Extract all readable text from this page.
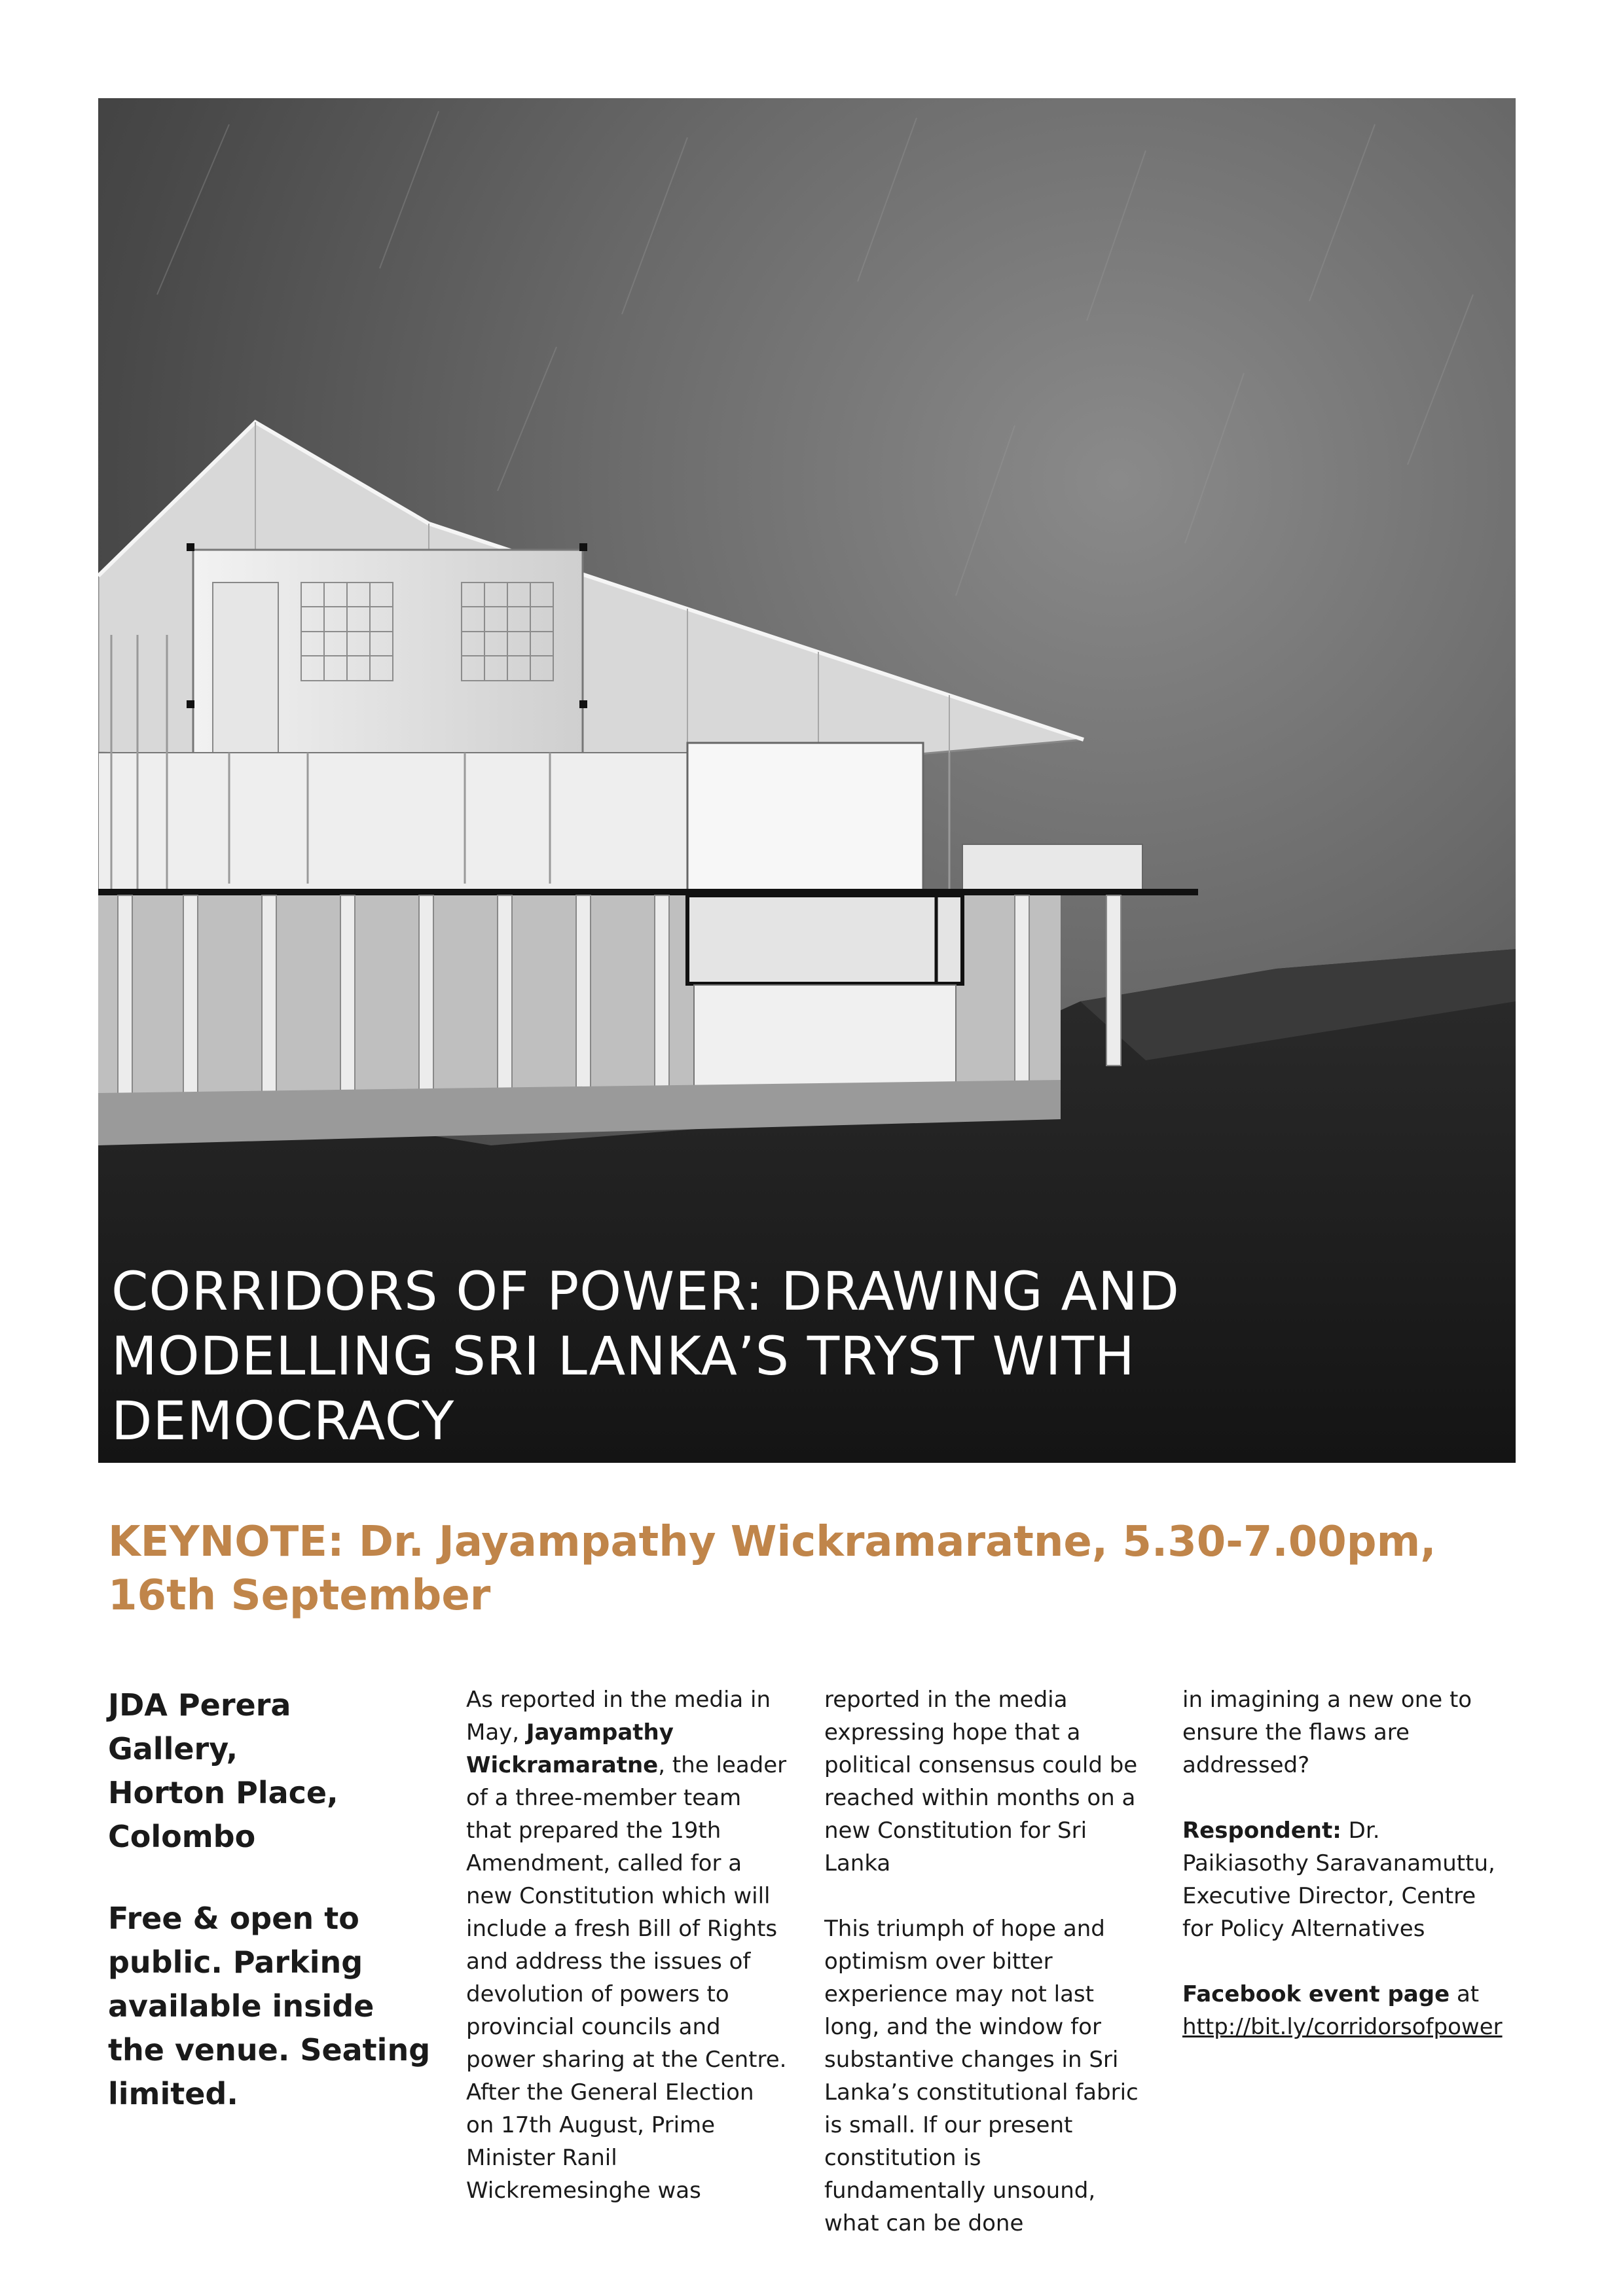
CORRIDORS OF POWER: DRAWING AND
MODELLING SRI LANKA’S TRYST WITH
DEMOCRACY
KEYNOTE: Dr. Jayampathy Wickramaratne, 5.30-7.00pm, 16th September
JDA Perera Gallery,
Horton Place,
Colombo
Free & open to public. Parking available inside the venue. Seating limited.

As reported in the media in May, Jayampathy Wickramaratne, the leader of a three-member team that prepared the 19th Amendment, called for a new Constitution which will include a fresh Bill of Rights and address the issues of devolution of powers to provincial councils and power sharing at the Centre. After the General Election on 17th August, Prime Minister Ranil Wickremesinghe was

reported in the media expressing hope that a political consensus could be reached within months on a new Constitution for Sri Lanka

This triumph of hope and optimism over bitter experience may not last long, and the window for substantive changes in Sri Lanka’s constitutional fabric is small. If our present constitution is fundamentally unsound, what can be done

in imagining a new one to ensure the flaws are addressed?

Respondent: Dr. Paikiasothy Saravanamuttu, Executive Director, Centre for Policy Alternatives

Facebook event page at
http://bit.ly/corridorsofpower
